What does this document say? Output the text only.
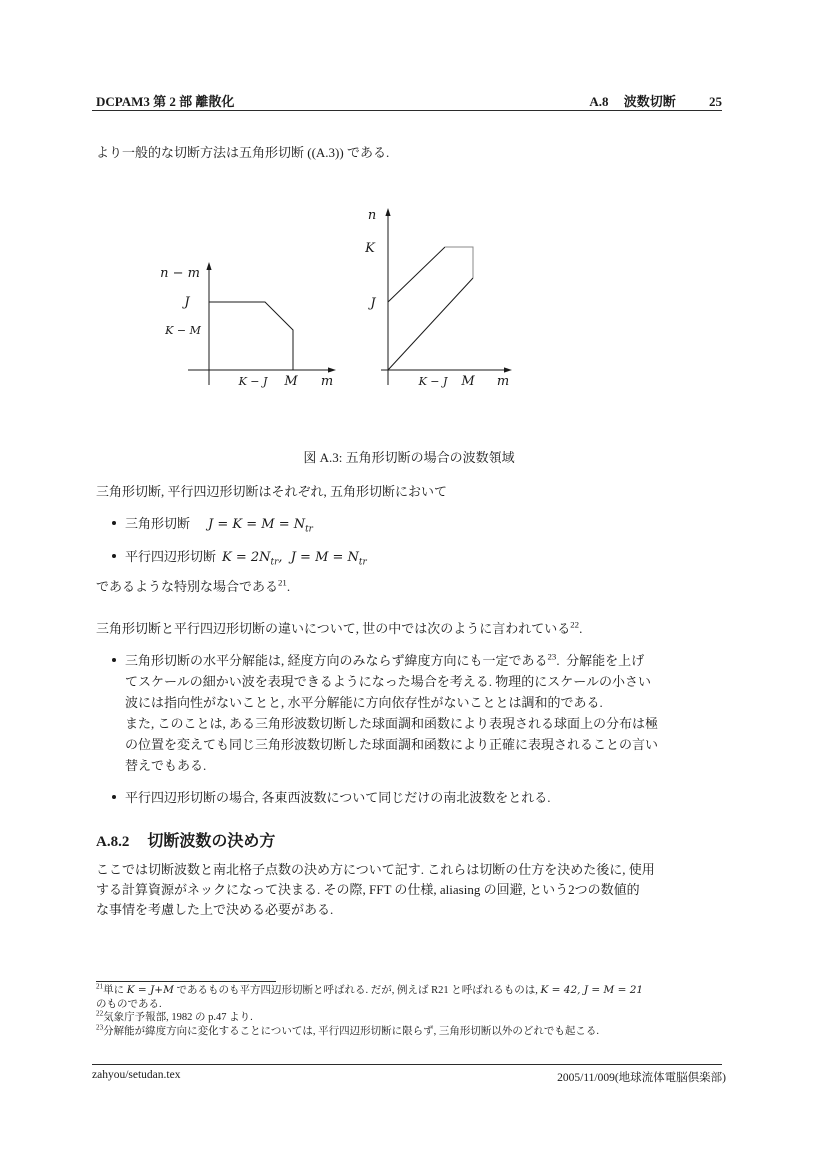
DCPAM3 第 2 部 離散化	A.8 波数切断	25
より一般的な切断方法は五角形切断 ((A.3)) である.
n − m
J
K − M
K − J M m
n
K
J
K − J M m
図 A.3: 五角形切断の場合の波数領域
三角形切断, 平行四辺形切断はそれぞれ, 五角形切断において
三角形切断 $J = K = M = N_{tr}$
平行四辺形切断 $K = 2N_{tr}$,  $J = M = N_{tr}$
であるような特別な場合である$^{21}$.
三角形切断と平行四辺形切断の違いについて, 世の中では次のように言われている$^{22}$.
三角形切断の水平分解能は, 経度方向のみならず緯度方向にも一定である$^{23}$.  分解能を上げ
てスケールの細かい波を表現できるようになった場合を考える. 物理的にスケールの小さい
波には指向性がないことと, 水平分解能に方向依存性がないこととは調和的である.
また, このことは, ある三角形波数切断した球面調和函数により表現される球面上の分布は極
の位置を変えても同じ三角形波数切断した球面調和函数により正確に表現されることの言い
替えでもある.
平行四辺形切断の場合, 各東西波数について同じだけの南北波数をとれる.
A.8.2 切断波数の決め方
ここでは切断波数と南北格子点数の決め方について記す. これらは切断の仕方を決めた後に, 使用
する計算資源がネックになって決まる. その際, FFT の仕様, aliasing の回避, という2つの数値的
な事情を考慮した上で決める必要がある.
$^{21}$単に K = J+M であるものも平方四辺形切断と呼ばれる. だが, 例えば R21 と呼ばれるものは, K = 42, J = M = 21
のものである.
$^{22}$気象庁予報部, 1982 の p.47 より.
$^{23}$分解能が緯度方向に変化することについては, 平行四辺形切断に限らず, 三角形切断以外のどれでも起こる.
zahyou/setudan.tex	2005/11/009(地球流体電脳倶楽部)
